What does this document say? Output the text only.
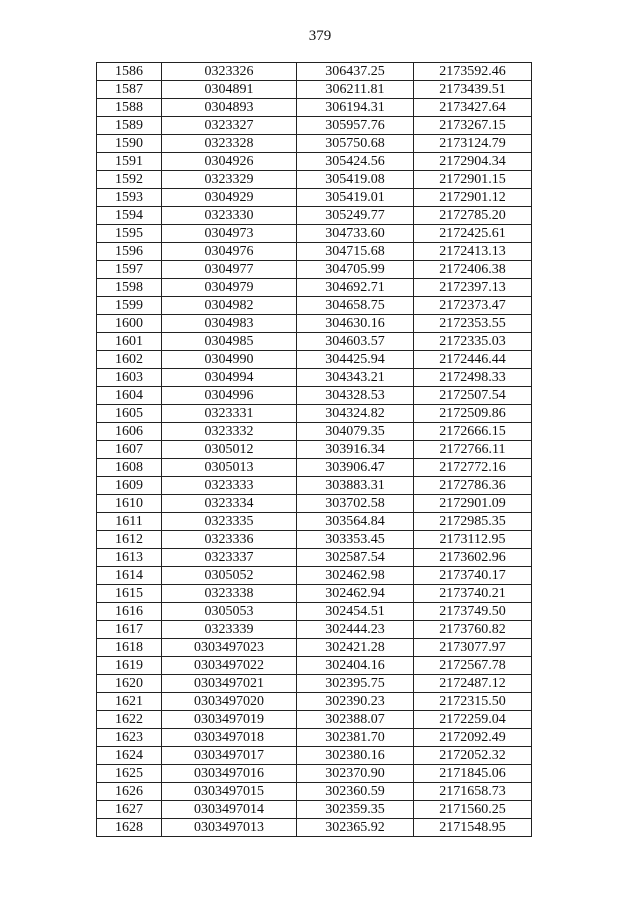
379
1586	0323326	306437.25	2173592.46
1587	0304891	306211.81	2173439.51
1588	0304893	306194.31	2173427.64
1589	0323327	305957.76	2173267.15
1590	0323328	305750.68	2173124.79
1591	0304926	305424.56	2172904.34
1592	0323329	305419.08	2172901.15
1593	0304929	305419.01	2172901.12
1594	0323330	305249.77	2172785.20
1595	0304973	304733.60	2172425.61
1596	0304976	304715.68	2172413.13
1597	0304977	304705.99	2172406.38
1598	0304979	304692.71	2172397.13
1599	0304982	304658.75	2172373.47
1600	0304983	304630.16	2172353.55
1601	0304985	304603.57	2172335.03
1602	0304990	304425.94	2172446.44
1603	0304994	304343.21	2172498.33
1604	0304996	304328.53	2172507.54
1605	0323331	304324.82	2172509.86
1606	0323332	304079.35	2172666.15
1607	0305012	303916.34	2172766.11
1608	0305013	303906.47	2172772.16
1609	0323333	303883.31	2172786.36
1610	0323334	303702.58	2172901.09
1611	0323335	303564.84	2172985.35
1612	0323336	303353.45	2173112.95
1613	0323337	302587.54	2173602.96
1614	0305052	302462.98	2173740.17
1615	0323338	302462.94	2173740.21
1616	0305053	302454.51	2173749.50
1617	0323339	302444.23	2173760.82
1618	0303497023	302421.28	2173077.97
1619	0303497022	302404.16	2172567.78
1620	0303497021	302395.75	2172487.12
1621	0303497020	302390.23	2172315.50
1622	0303497019	302388.07	2172259.04
1623	0303497018	302381.70	2172092.49
1624	0303497017	302380.16	2172052.32
1625	0303497016	302370.90	2171845.06
1626	0303497015	302360.59	2171658.73
1627	0303497014	302359.35	2171560.25
1628	0303497013	302365.92	2171548.95
